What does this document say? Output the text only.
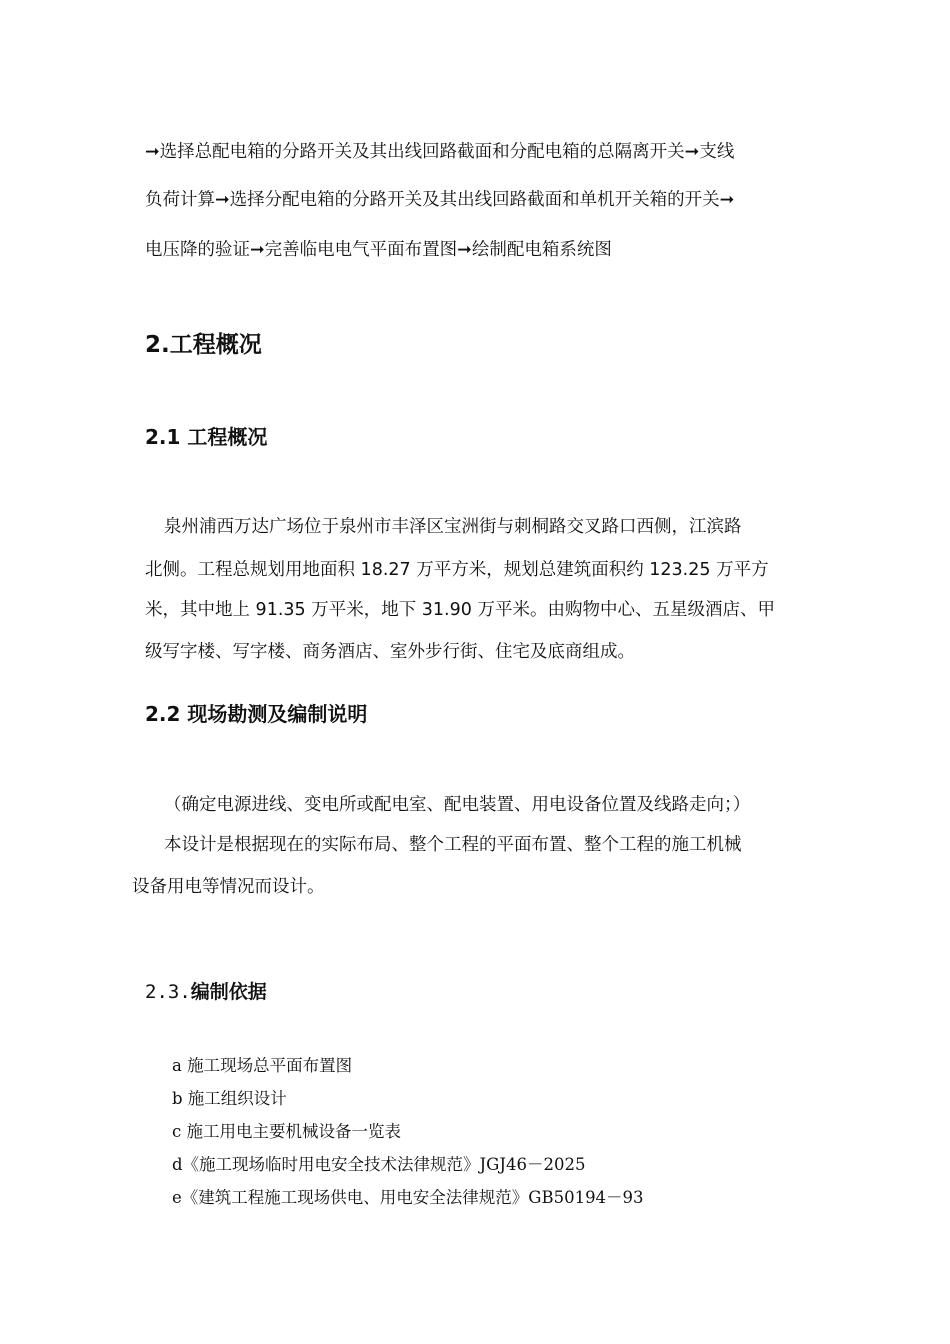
➞选择总配电箱的分路开关及其出线回路截面和分配电箱的总隔离开关➞支线
负荷计算➞选择分配电箱的分路开关及其出线回路截面和单机开关箱的开关➞
电压降的验证➞完善临电电气平面布置图➞绘制配电箱系统图
2.工程概况
2.1 工程概况
泉州浦西万达广场位于泉州市丰泽区宝洲街与刺桐路交叉路口西侧，江滨路
北侧。工程总规划用地面积 18.27 万平方米，规划总建筑面积约 123.25 万平方
米，其中地上 91.35 万平米，地下 31.90 万平米。由购物中心、五星级酒店、甲
级写字楼、写字楼、商务酒店、室外步行街、住宅及底商组成。
2.2 现场勘测及编制说明
（确定电源进线、变电所或配电室、配电装置、用电设备位置及线路走向；）
本设计是根据现在的实际布局、整个工程的平面布置、整个工程的施工机械
设备用电等情况而设计。
2.3.编制依据
a 施工现场总平面布置图
b 施工组织设计
c 施工用电主要机械设备一览表
d《施工现场临时用电安全技术法律规范》JGJ46－2025
e《建筑工程施工现场供电、用电安全法律规范》GB50194－93
